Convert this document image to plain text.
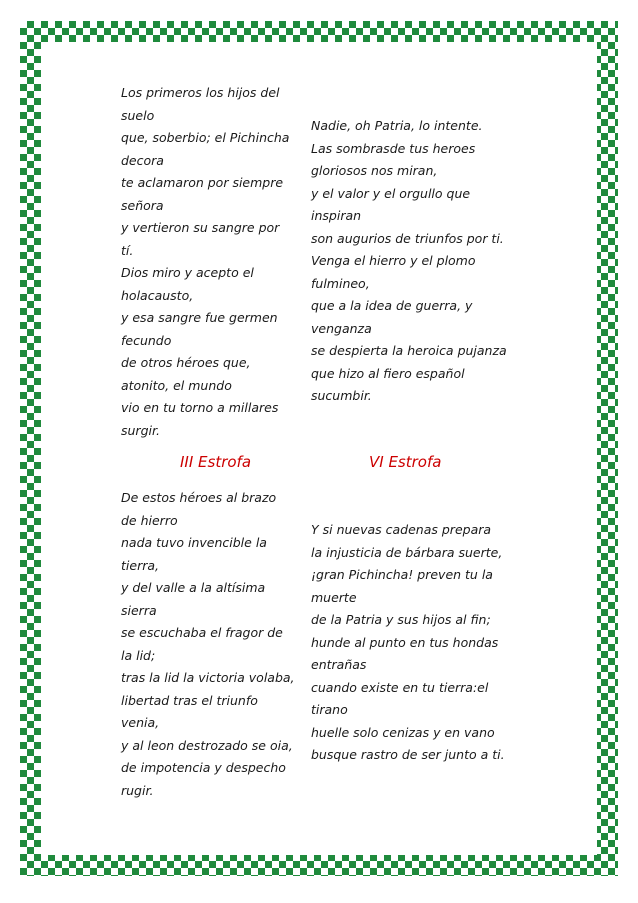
Los primeros los hijos del

suelo

que, soberbio; el Pichincha

decora

te aclamaron por siempre

señora

y vertieron su sangre por

tí.

Dios miro y acepto el

holacausto,

y esa sangre fue germen

fecundo

de otros héroes que,

atonito, el mundo

vio en tu torno a millares

surgir.

Nadie, oh Patria, lo intente.

Las sombrasde tus heroes

gloriosos nos miran,

y el valor y el orgullo que

inspiran

son augurios de triunfos por ti.

Venga el hierro y el plomo

fulmineo,

que a la idea de guerra, y

venganza

se despierta la heroica pujanza

que hizo al fiero español

sucumbir.

III Estrofa	VI Estrofa

De estos héroes al brazo

de hierro

nada tuvo invencible la

tierra,

y del valle a la altísima

sierra

se escuchaba el fragor de

la lid;

tras la lid la victoria volaba,

libertad tras el triunfo

venia,

y al leon destrozado se oia,

de impotencia y despecho

rugir.

Y si nuevas cadenas prepara

la injusticia de bárbara suerte,

¡gran Pichincha! preven tu la

muerte

de la Patria y sus hijos al fin;

hunde al punto en tus hondas

entrañas

cuando existe en tu tierra:el

tirano

huelle solo cenizas y en vano

busque rastro de ser junto a ti.
